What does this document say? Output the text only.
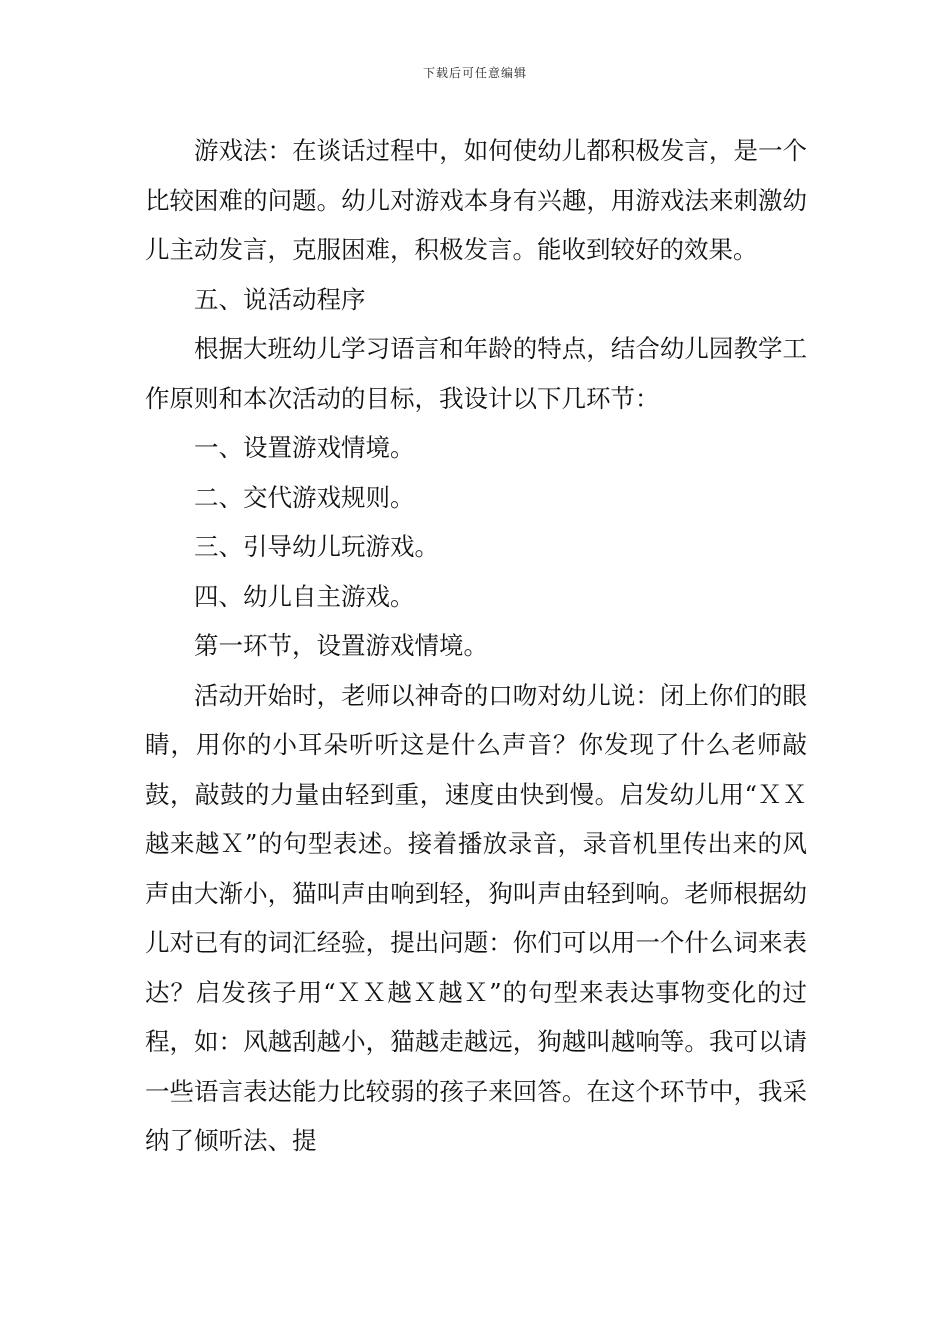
下载后可任意编辑

游戏法：在谈话过程中，如何使幼儿都积极发言，是一个比较困难的问题。幼儿对游戏本身有兴趣，用游戏法来刺激幼儿主动发言，克服困难，积极发言。能收到较好的效果。

五、说活动程序

根据大班幼儿学习语言和年龄的特点，结合幼儿园教学工作原则和本次活动的目标，我设计以下几环节：

一、设置游戏情境。

二、交代游戏规则。

三、引导幼儿玩游戏。

四、幼儿自主游戏。

第一环节，设置游戏情境。

活动开始时，老师以神奇的口吻对幼儿说：闭上你们的眼睛，用你的小耳朵听听这是什么声音？你发现了什么老师敲鼓，敲鼓的力量由轻到重，速度由快到慢。启发幼儿用“ＸＸ越来越Ｘ”的句型表述。接着播放录音，录音机里传出来的风声由大渐小，猫叫声由响到轻，狗叫声由轻到响。老师根据幼儿对已有的词汇经验，提出问题：你们可以用一个什么词来表达？启发孩子用“ＸＸ越Ｘ越Ｘ”的句型来表达事物变化的过程，如：风越刮越小，猫越走越远，狗越叫越响等。我可以请一些语言表达能力比较弱的孩子来回答。在这个环节中，我采纳了倾听法、提
